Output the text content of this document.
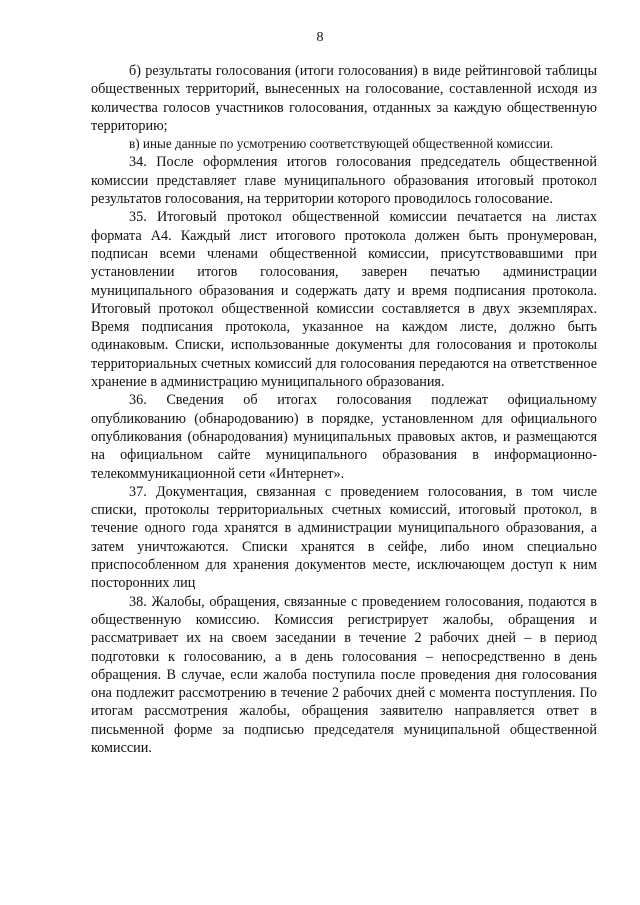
8

б) результаты голосования (итоги голосования) в виде рейтинговой таблицы общественных территорий, вынесенных на голосование, составленной исходя из количества голосов участников голосования, отданных за каждую общественную территорию;

в) иные данные по усмотрению соответствующей общественной комиссии.

34. После оформления итогов голосования председатель общественной комиссии представляет главе муниципального образования итоговый протокол результатов голосования, на территории которого проводилось голосование.

35. Итоговый протокол общественной комиссии печатается на листах формата А4. Каждый лист итогового протокола должен быть пронумерован, подписан всеми членами общественной комиссии, присутствовавшими при установлении итогов голосования, заверен печатью администрации муниципального образования и содержать дату и время подписания протокола. Итоговый протокол общественной комиссии составляется в двух экземплярах. Время подписания протокола, указанное на каждом листе, должно быть одинаковым. Списки, использованные документы для голосования и протоколы территориальных счетных комиссий для голосования передаются на ответственное хранение в администрацию муниципального образования.

36. Сведения об итогах голосования подлежат официальному опубликованию (обнародованию) в порядке, установленном для официального опубликования (обнародования) муниципальных правовых актов, и размещаются на официальном сайте муниципального образования в информационно-телекоммуникационной сети «Интернет».

37. Документация, связанная с проведением голосования, в том числе списки, протоколы территориальных счетных комиссий, итоговый протокол, в течение одного года хранятся в администрации муниципального образования, а затем уничтожаются. Списки хранятся в сейфе, либо ином специально приспособленном для хранения документов месте, исключающем доступ к ним посторонних лиц

38. Жалобы, обращения, связанные с проведением голосования, подаются в общественную комиссию. Комиссия регистрирует жалобы, обращения и рассматривает их на своем заседании в течение 2 рабочих дней – в период подготовки к голосованию, а в день голосования – непосредственно в день обращения. В случае, если жалоба поступила после проведения дня голосования она подлежит рассмотрению в течение 2 рабочих дней с момента поступления. По итогам рассмотрения жалобы, обращения заявителю направляется ответ в письменной форме за подписью председателя муниципальной общественной комиссии.
